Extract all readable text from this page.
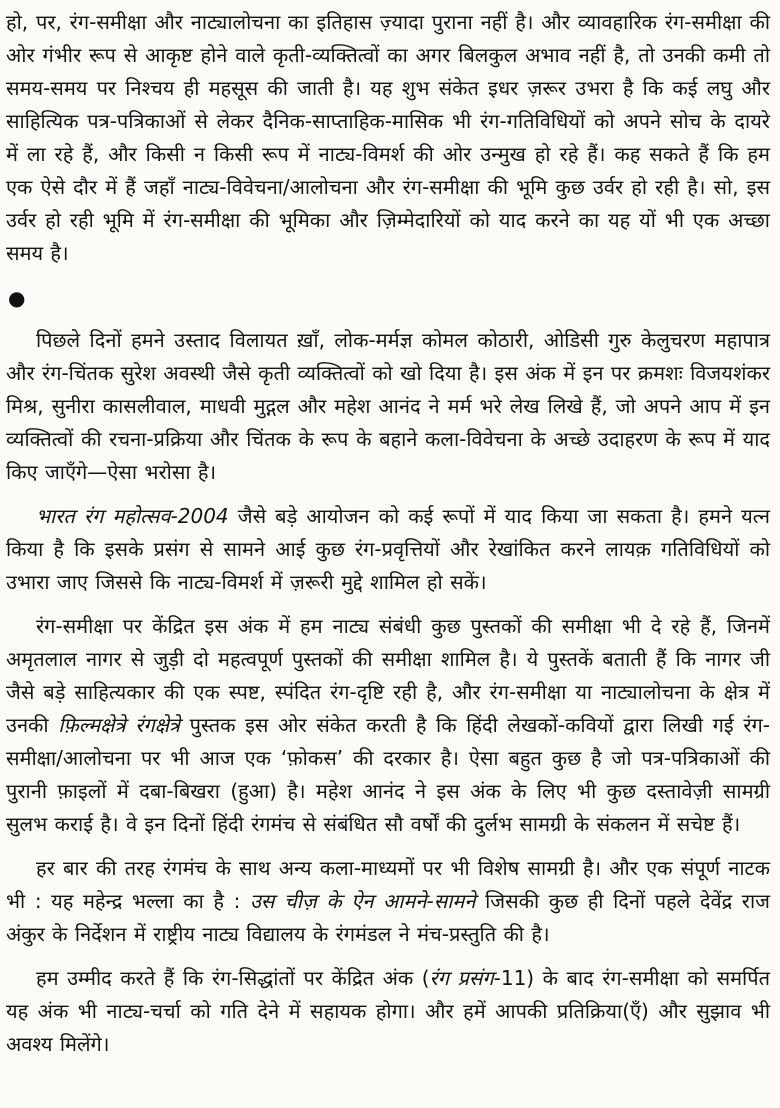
हो, पर, रंग-समीक्षा और नाट्यालोचना का इतिहास ज़्यादा पुराना नहीं है। और व्यावहारिक रंग-समीक्षा की ओर गंभीर रूप से आकृष्ट होने वाले कृती-व्यक्तित्वों का अगर बिलकुल अभाव नहीं है, तो उनकी कमी तो समय-समय पर निश्चय ही महसूस की जाती है। यह शुभ संकेत इधर ज़रूर उभरा है कि कई लघु और साहित्यिक पत्र-पत्रिकाओं से लेकर दैनिक-साप्ताहिक-मासिक भी रंग-गतिविधियों को अपने सोच के दायरे में ला रहे हैं, और किसी न किसी रूप में नाट्य-विमर्श की ओर उन्मुख हो रहे हैं। कह सकते हैं कि हम एक ऐसे दौर में हैं जहाँ नाट्य-विवेचना/आलोचना और रंग-समीक्षा की भूमि कुछ उर्वर हो रही है। सो, इस उर्वर हो रही भूमि में रंग-समीक्षा की भूमिका और ज़िम्मेदारियों को याद करने का यह यों भी एक अच्छा समय है।

●

पिछले दिनों हमने उस्ताद विलायत ख़ाँ, लोक-मर्मज्ञ कोमल कोठारी, ओडिसी गुरु केलुचरण महापात्र और रंग-चिंतक सुरेश अवस्थी जैसे कृती व्यक्तित्वों को खो दिया है। इस अंक में इन पर क्रमशः विजयशंकर मिश्र, सुनीरा कासलीवाल, माधवी मुद्गल और महेश आनंद ने मर्म भरे लेख लिखे हैं, जो अपने आप में इन व्यक्तित्वों की रचना-प्रक्रिया और चिंतक के रूप के बहाने कला-विवेचना के अच्छे उदाहरण के रूप में याद किए जाएँगे—ऐसा भरोसा है।

भारत रंग महोत्सव-2004 जैसे बड़े आयोजन को कई रूपों में याद किया जा सकता है। हमने यत्न किया है कि इसके प्रसंग से सामने आई कुछ रंग-प्रवृत्तियों और रेखांकित करने लायक़ गतिविधियों को उभारा जाए जिससे कि नाट्य-विमर्श में ज़रूरी मुद्दे शामिल हो सकें।

रंग-समीक्षा पर केंद्रित इस अंक में हम नाट्य संबंधी कुछ पुस्तकों की समीक्षा भी दे रहे हैं, जिनमें अमृतलाल नागर से जुड़ी दो महत्वपूर्ण पुस्तकों की समीक्षा शामिल है। ये पुस्तकें बताती हैं कि नागर जी जैसे बड़े साहित्यकार की एक स्पष्ट, स्पंदित रंग-दृष्टि रही है, और रंग-समीक्षा या नाट्यालोचना के क्षेत्र में उनकी फ़िल्मक्षेत्रे रंगक्षेत्रे पुस्तक इस ओर संकेत करती है कि हिंदी लेखकों-कवियों द्वारा लिखी गई रंग-समीक्षा/आलोचना पर भी आज एक ‘फ़ोकस’ की दरकार है। ऐसा बहुत कुछ है जो पत्र-पत्रिकाओं की पुरानी फ़ाइलों में दबा-बिखरा (हुआ) है। महेश आनंद ने इस अंक के लिए भी कुछ दस्तावेज़ी सामग्री सुलभ कराई है। वे इन दिनों हिंदी रंगमंच से संबंधित सौ वर्षों की दुर्लभ सामग्री के संकलन में सचेष्ट हैं।

हर बार की तरह रंगमंच के साथ अन्य कला-माध्यमों पर भी विशेष सामग्री है। और एक संपूर्ण नाटक भी : यह महेन्द्र भल्ला का है : उस चीज़ के ऐन आमने-सामने जिसकी कुछ ही दिनों पहले देवेंद्र राज अंकुर के निर्देशन में राष्ट्रीय नाट्य विद्यालय के रंगमंडल ने मंच-प्रस्तुति की है।

हम उम्मीद करते हैं कि रंग-सिद्धांतों पर केंद्रित अंक (रंग प्रसंग-11) के बाद रंग-समीक्षा को समर्पित यह अंक भी नाट्य-चर्चा को गति देने में सहायक होगा। और हमें आपकी प्रतिक्रिया(एँ) और सुझाव भी अवश्य मिलेंगे।
